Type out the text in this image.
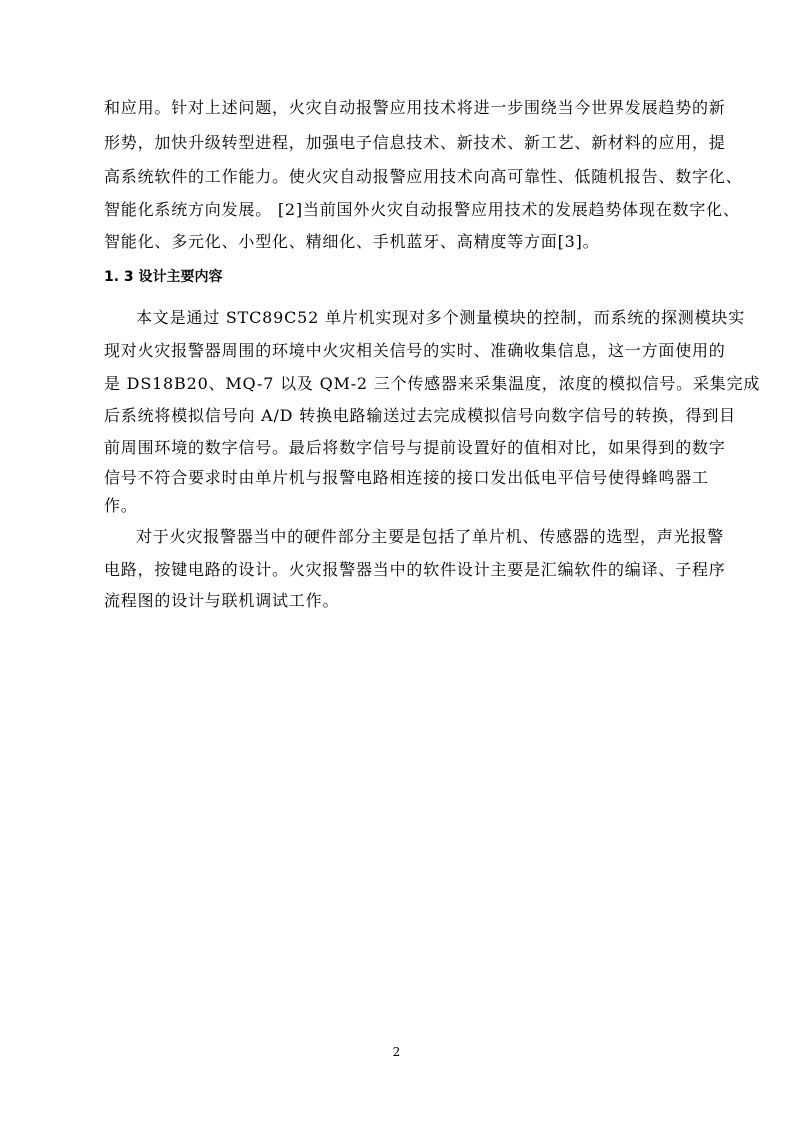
和应用。针对上述问题，火灾自动报警应用技术将进一步围绕当今世界发展趋势的新
形势，加快升级转型进程，加强电子信息技术、新技术、新工艺、新材料的应用，提
高系统软件的工作能力。使火灾自动报警应用技术向高可靠性、低随机报告、数字化、
智能化系统方向发展。 [2]当前国外火灾自动报警应用技术的发展趋势体现在数字化、
智能化、多元化、小型化、精细化、手机蓝牙、高精度等方面[3]。
1. 3 设计主要内容
本文是通过 STC89C52 单片机实现对多个测量模块的控制，而系统的探测模块实
现对火灾报警器周围的环境中火灾相关信号的实时、准确收集信息，这一方面使用的
是 DS18B20、MQ-7 以及 QM-2 三个传感器来采集温度，浓度的模拟信号。采集完成
后系统将模拟信号向 A/D 转换电路输送过去完成模拟信号向数字信号的转换，得到目
前周围环境的数字信号。最后将数字信号与提前设置好的值相对比，如果得到的数字
信号不符合要求时由单片机与报警电路相连接的接口发出低电平信号使得蜂鸣器工
作。
对于火灾报警器当中的硬件部分主要是包括了单片机、传感器的选型，声光报警
电路，按键电路的设计。火灾报警器当中的软件设计主要是汇编软件的编译、子程序
流程图的设计与联机调试工作。
2
